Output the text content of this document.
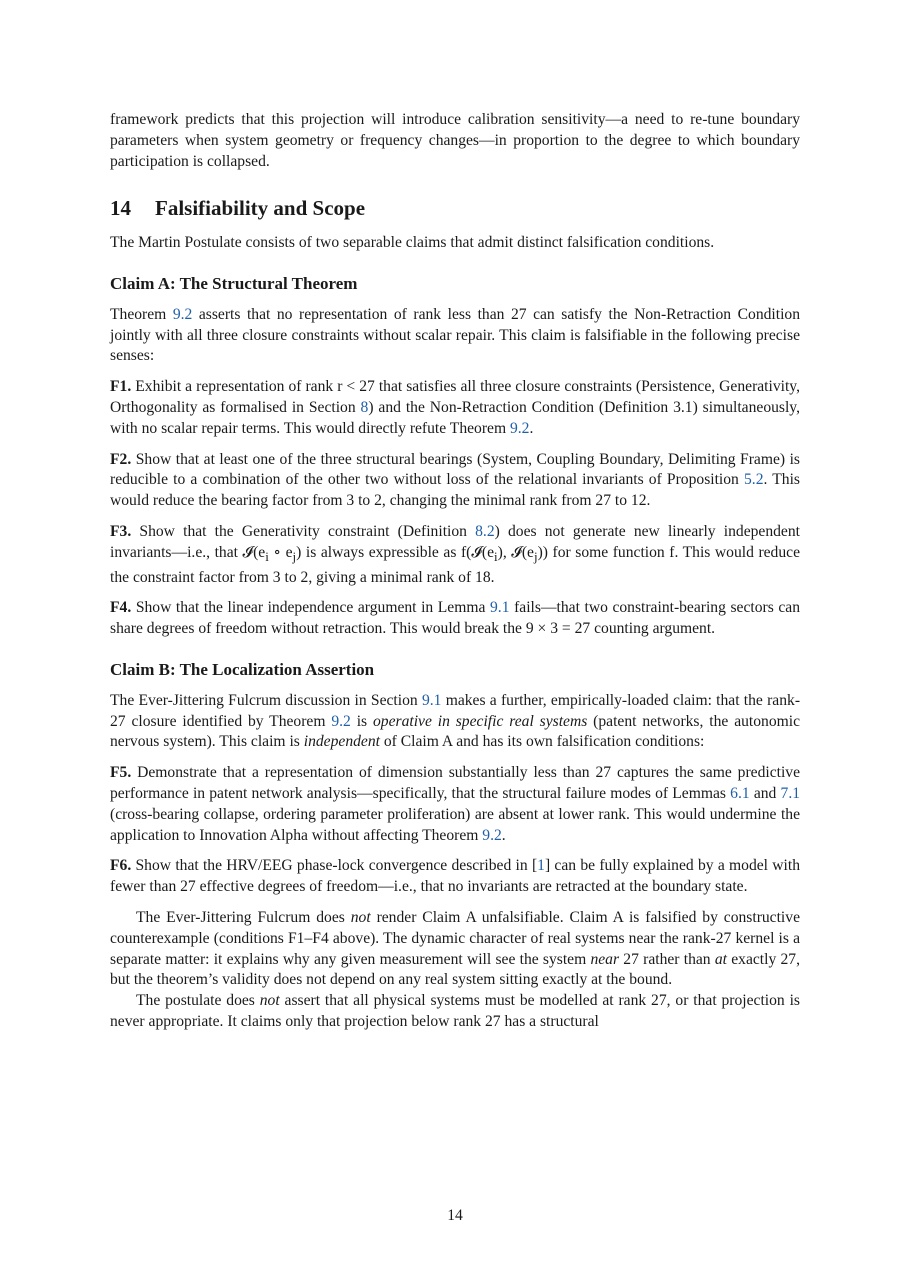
framework predicts that this projection will introduce calibration sensitivity—a need to re-tune boundary parameters when system geometry or frequency changes—in proportion to the degree to which boundary participation is collapsed.

14 Falsifiability and Scope

The Martin Postulate consists of two separable claims that admit distinct falsification conditions.

Claim A: The Structural Theorem

Theorem 9.2 asserts that no representation of rank less than 27 can satisfy the Non-Retraction Condition jointly with all three closure constraints without scalar repair. This claim is falsifiable in the following precise senses:

F1. Exhibit a representation of rank r < 27 that satisfies all three closure constraints (Persistence, Generativity, Orthogonality as formalised in Section 8) and the Non-Retraction Condition (Definition 3.1) simultaneously, with no scalar repair terms. This would directly refute Theorem 9.2.

F2. Show that at least one of the three structural bearings (System, Coupling Boundary, Delimiting Frame) is reducible to a combination of the other two without loss of the relational invariants of Proposition 5.2. This would reduce the bearing factor from 3 to 2, changing the minimal rank from 27 to 12.

F3. Show that the Generativity constraint (Definition 8.2) does not generate new linearly independent invariants—i.e., that $𝓘(e_i$ ∘ $e_j$) is always expressible as $f(𝓘(e_i)$, $𝓘(e_j)$) for some function f. This would reduce the constraint factor from 3 to 2, giving a minimal rank of 18.

F4. Show that the linear independence argument in Lemma 9.1 fails—that two constraint-bearing sectors can share degrees of freedom without retraction. This would break the 9 × 3 = 27 counting argument.

Claim B: The Localization Assertion

The Ever-Jittering Fulcrum discussion in Section 9.1 makes a further, empirically-loaded claim: that the rank-27 closure identified by Theorem 9.2 is operative in specific real systems (patent networks, the autonomic nervous system). This claim is independent of Claim A and has its own falsification conditions:

F5. Demonstrate that a representation of dimension substantially less than 27 captures the same predictive performance in patent network analysis—specifically, that the structural failure modes of Lemmas 6.1 and 7.1 (cross-bearing collapse, ordering parameter proliferation) are absent at lower rank. This would undermine the application to Innovation Alpha without affecting Theorem 9.2.

F6. Show that the HRV/EEG phase-lock convergence described in [1] can be fully explained by a model with fewer than 27 effective degrees of freedom—i.e., that no invariants are retracted at the boundary state.

The Ever-Jittering Fulcrum does not render Claim A unfalsifiable. Claim A is falsified by constructive counterexample (conditions F1–F4 above). The dynamic character of real systems near the rank-27 kernel is a separate matter: it explains why any given measurement will see the system near 27 rather than at exactly 27, but the theorem’s validity does not depend on any real system sitting exactly at the bound.

The postulate does not assert that all physical systems must be modelled at rank 27, or that projection is never appropriate. It claims only that projection below rank 27 has a structural

14
